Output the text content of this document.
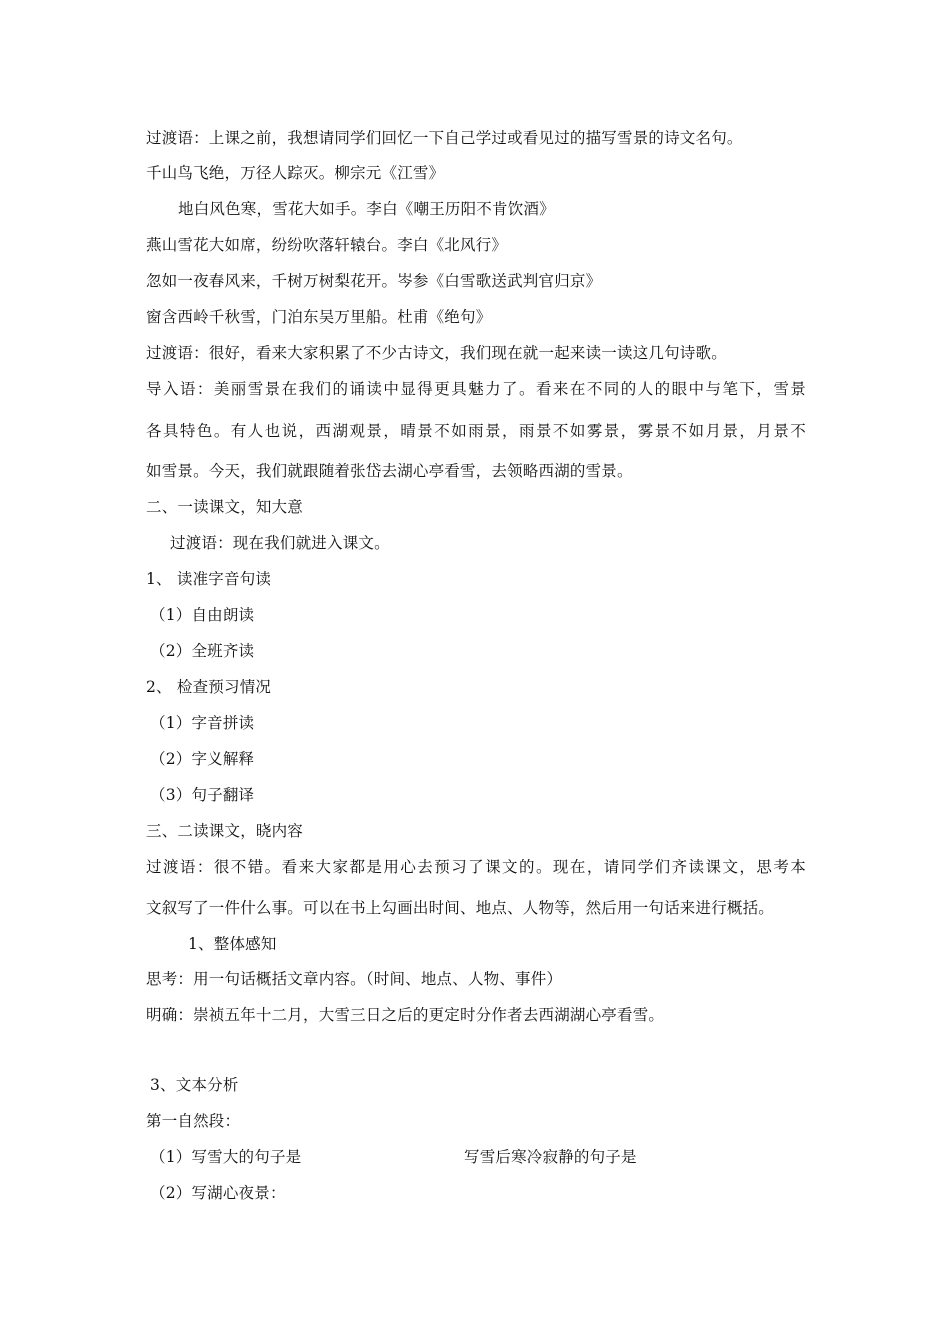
过渡语：上课之前，我想请同学们回忆一下自己学过或看见过的描写雪景的诗文名句。
千山鸟飞绝，万径人踪灭。柳宗元《江雪》
地白风色寒，雪花大如手。李白《嘲王历阳不肯饮酒》
燕山雪花大如席，纷纷吹落轩辕台。李白《北风行》
忽如一夜春风来，千树万树梨花开。岑参《白雪歌送武判官归京》
窗含西岭千秋雪，门泊东吴万里船。杜甫《绝句》
过渡语：很好，看来大家积累了不少古诗文，我们现在就一起来读一读这几句诗歌。
导入语：美丽雪景在我们的诵读中显得更具魅力了。看来在不同的人的眼中与笔下，雪景
各具特色。有人也说，西湖观景，晴景不如雨景，雨景不如雾景，雾景不如月景，月景不
如雪景。今天，我们就跟随着张岱去湖心亭看雪，去领略西湖的雪景。
二、一读课文，知大意
过渡语：现在我们就进入课文。
1、 读准字音句读
（1）自由朗读
（2）全班齐读
2、 检查预习情况
（1）字音拼读
（2）字义解释
（3）句子翻译
三、二读课文，晓内容
过渡语：很不错。看来大家都是用心去预习了课文的。现在，请同学们齐读课文，思考本
文叙写了一件什么事。可以在书上勾画出时间、地点、人物等，然后用一句话来进行概括。
1、整体感知
思考：用一句话概括文章内容。（时间、地点、人物、事件）
明确：崇祯五年十二月，大雪三日之后的更定时分作者去西湖湖心亭看雪。
3、文本分析
第一自然段：
（1）写雪大的句子是	写雪后寒冷寂静的句子是
（2）写湖心夜景：
